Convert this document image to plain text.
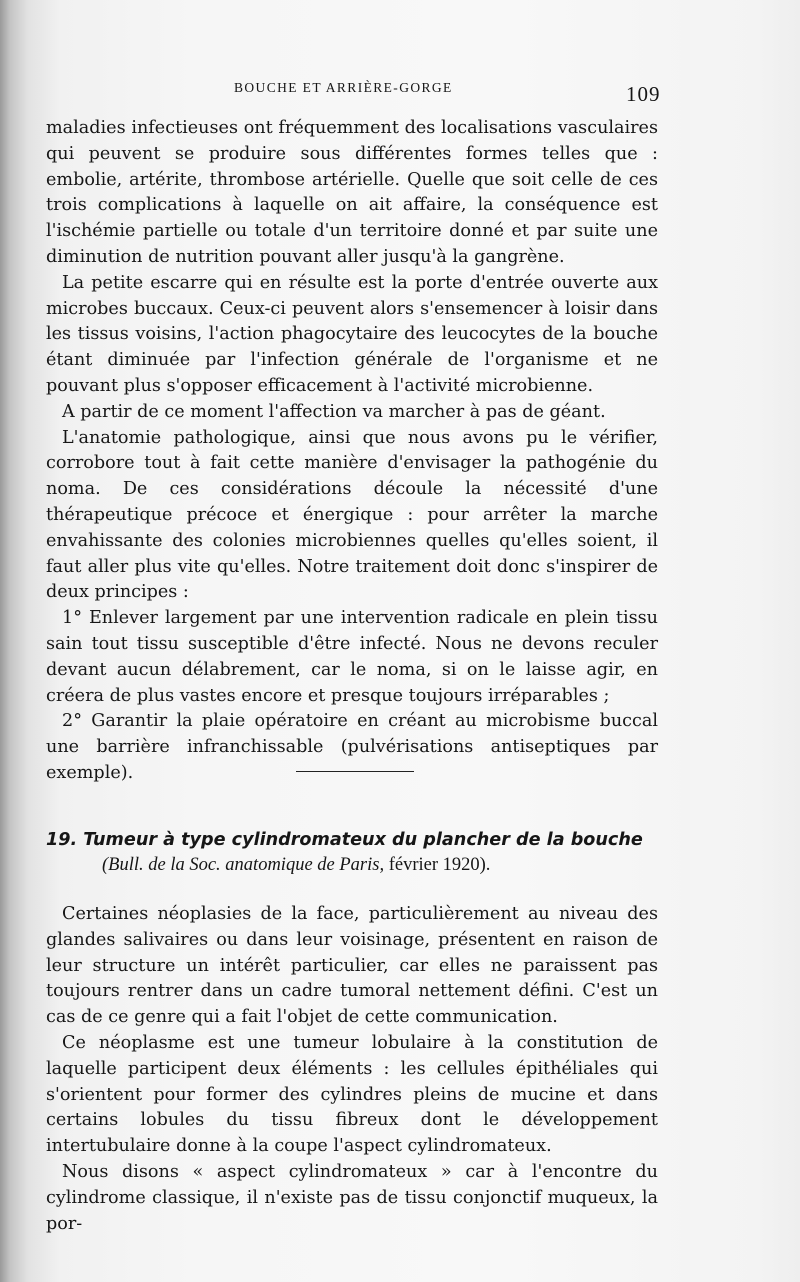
BOUCHE ET ARRIÈRE-GORGE	109

maladies infectieuses ont fréquemment des localisations vasculaires qui peuvent se produire sous différentes formes telles que : embolie, artérite, thrombose artérielle. Quelle que soit celle de ces trois complications à laquelle on ait affaire, la conséquence est l'ischémie partielle ou totale d'un territoire donné et par suite une diminution de nutrition pouvant aller jusqu'à la gangrène.

La petite escarre qui en résulte est la porte d'entrée ouverte aux microbes buccaux. Ceux-ci peuvent alors s'ensemencer à loisir dans les tissus voisins, l'action phagocytaire des leucocytes de la bouche étant diminuée par l'infection générale de l'organisme et ne pouvant plus s'opposer efficacement à l'activité microbienne.

A partir de ce moment l'affection va marcher à pas de géant.

L'anatomie pathologique, ainsi que nous avons pu le vérifier, corrobore tout à fait cette manière d'envisager la pathogénie du noma. De ces considérations découle la nécessité d'une thérapeutique précoce et énergique : pour arrêter la marche envahissante des colonies microbiennes quelles qu'elles soient, il faut aller plus vite qu'elles. Notre traitement doit donc s'inspirer de deux principes :

1° Enlever largement par une intervention radicale en plein tissu sain tout tissu susceptible d'être infecté. Nous ne devons reculer devant aucun délabrement, car le noma, si on le laisse agir, en créera de plus vastes encore et presque toujours irréparables ;

2° Garantir la plaie opératoire en créant au microbisme buccal une barrière infranchissable (pulvérisations antiseptiques par exemple).

19. Tumeur à type cylindromateux du plancher de la bouche
(Bull. de la Soc. anatomique de Paris, février 1920).

Certaines néoplasies de la face, particulièrement au niveau des glandes salivaires ou dans leur voisinage, présentent en raison de leur structure un intérêt particulier, car elles ne paraissent pas toujours rentrer dans un cadre tumoral nettement défini. C'est un cas de ce genre qui a fait l'objet de cette communication.

Ce néoplasme est une tumeur lobulaire à la constitution de laquelle participent deux éléments : les cellules épithéliales qui s'orientent pour former des cylindres pleins de mucine et dans certains lobules du tissu fibreux dont le développement intertubulaire donne à la coupe l'aspect cylindromateux.

Nous disons « aspect cylindromateux » car à l'encontre du cylindrome classique, il n'existe pas de tissu conjonctif muqueux, la por-
